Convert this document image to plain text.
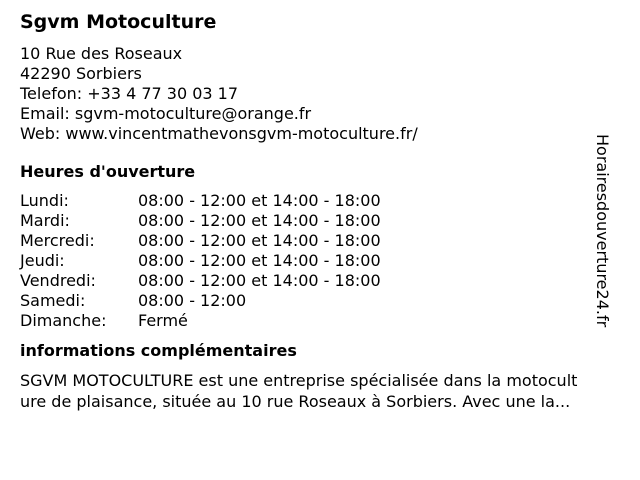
Sgvm Motoculture
10 Rue des Roseaux
42290 Sorbiers
Telefon: +33 4 77 30 03 17
Email: sgvm-motoculture@orange.fr
Web: www.vincentmathevonsgvm-motoculture.fr/
Heures d'ouverture
Lundi:	08:00 - 12:00 et 14:00 - 18:00
Mardi:	08:00 - 12:00 et 14:00 - 18:00
Mercredi:	08:00 - 12:00 et 14:00 - 18:00
Jeudi:	08:00 - 12:00 et 14:00 - 18:00
Vendredi:	08:00 - 12:00 et 14:00 - 18:00
Samedi:	08:00 - 12:00
Dimanche:	Fermé
informations complémentaires
SGVM MOTOCULTURE est une entreprise spécialisée dans la motocult
ure de plaisance, située au 10 rue Roseaux à Sorbiers. Avec une la...
Horairesdouverture24.fr
